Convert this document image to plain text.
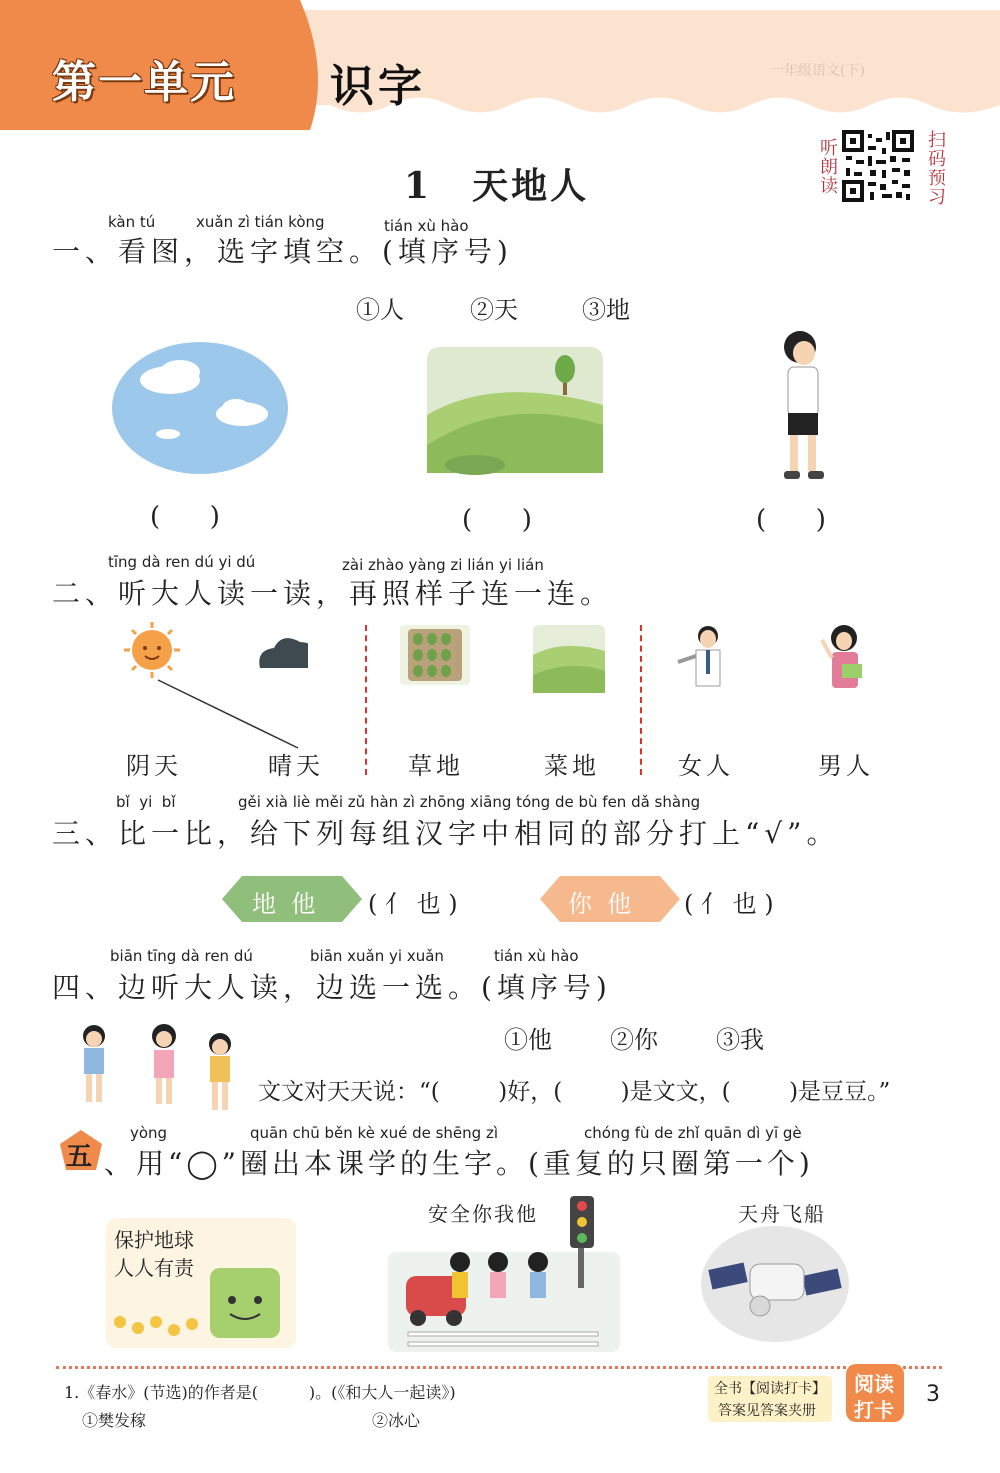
第一单元 识字	一年级语文(下)
1 天地人	听朗读	扫码预习
kàn tú	xuǎn zì tián kòng	tián xù hào
一、看图，选字填空。(填序号)
①人	②天	③地
(      )	(      )	(      )
tīng dà ren dú yi dú	zài zhào yàng zi lián yi lián
二、听大人读一读，再照样子连一连。
阴天	晴天	草地	菜地	女人	男人
bǐ  yi  bǐ	gěi xià liè měi zǔ hàn zì zhōng xiāng tóng de bù fen dǎ shàng
三、比一比，给下列每组汉字中相同的部分打上“√”。
地  他 ( 亻 也 )	你  他 ( 亻 也 )
biān tīng dà ren dú	biān xuǎn yi xuǎn	tián xù hào
四、边听大人读，边选一选。(填序号)
①他 ②你 ③我
文文对天天说：“(        )好，(        )是文文，(        )是豆豆。”
五
yòng	quān chū běn kè xué de shēng zì	chóng fù de zhǐ quān dì yī gè
、用“◯”圈出本课学的生字。(重复的只圈第一个)
保护地球
人人有责
安全你我他	天舟飞船
1.《春水》(节选)的作者是(          )。(《和大人一起读》)
①樊发稼	②冰心
全书【阅读打卡】
答案见答案夹册
阅读
打卡
3
